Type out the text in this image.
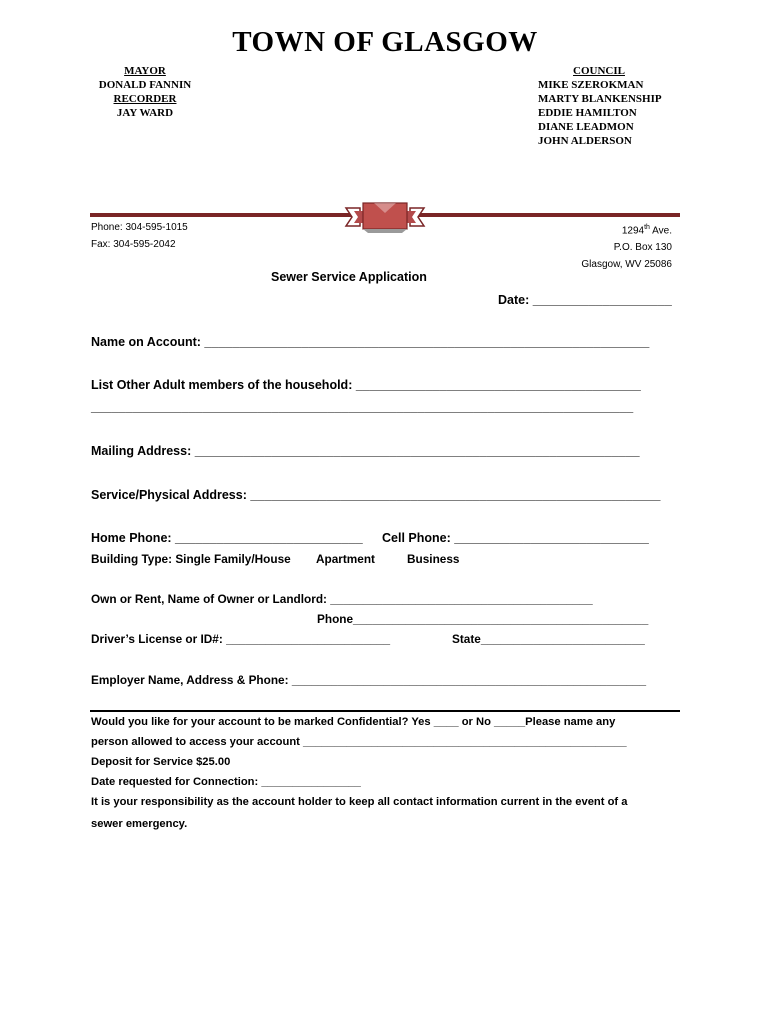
TOWN OF GLASGOW
MAYOR
DONALD FANNIN
RECORDER
JAY WARD
COUNCIL
MIKE SZEROKMAN
MARTY BLANKENSHIP
EDDIE HAMILTON
DIANE LEADMON
JOHN ALDERSON
Phone: 304-595-1015
Fax: 304-595-2042
1294th Ave.
P.O. Box 130
Glasgow, WV 25086
Sewer Service Application
Date: ____________________
Name on Account: ________________________________________________________________
List Other Adult members of the household: _________________________________________
______________________________________________________________________________
Mailing Address: ________________________________________________________________
Service/Physical Address: ___________________________________________________________
Home Phone: ___________________________ Cell Phone: ____________________________
Building Type: Single Family/House Apartment	Business
Own or Rent, Name of Owner or Landlord: ________________________________________
Phone_____________________________________________
Driver’s License or ID#: _________________________	State_________________________
Employer Name, Address & Phone: ______________________________________________________
Would you like for your account to be marked Confidential? Yes ____ or No _____Please name any
person allowed to access your account ____________________________________________________
Deposit for Service $25.00
Date requested for Connection: ________________
It is your responsibility as the account holder to keep all contact information current in the event of a
sewer emergency.
